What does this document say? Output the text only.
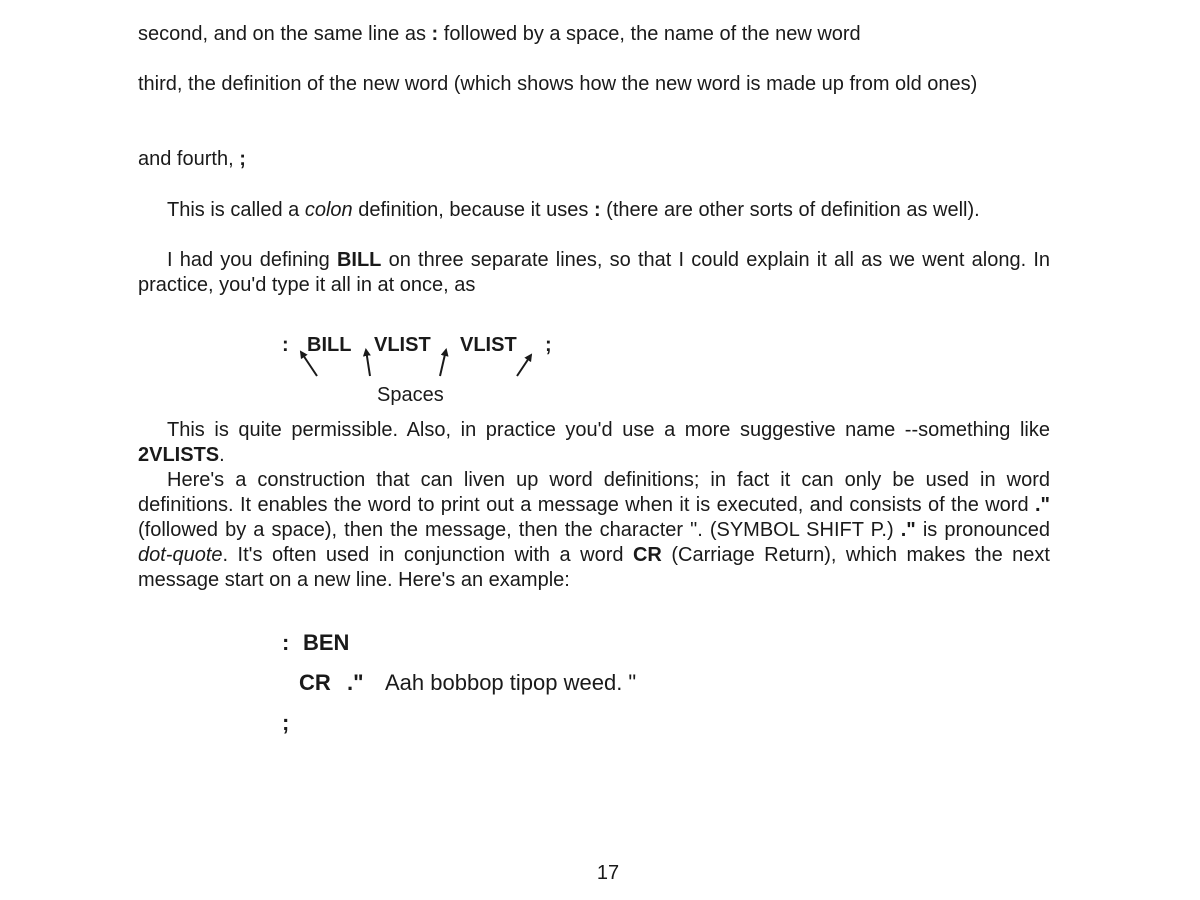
second, and on the same line as : followed by a space, the name of the new word

third, the definition of the new word (which shows how the new word is made up from old ones)

and fourth, ;

This is called a colon definition, because it uses : (there are other sorts of definition as well).

I had you defining BILL on three separate lines, so that I could explain it all as we went along. In practice, you'd type it all in at once, as

: BILL VLIST VLIST ;
Spaces

This is quite permissible. Also, in practice you'd use a more suggestive name --something like 2VLISTS.

Here's a construction that can liven up word definitions; in fact it can only be used in word definitions. It enables the word to print out a message when it is executed, and consists of the word ." (followed by a space), then the message, then the character ". (SYMBOL SHIFT P.) ." is pronounced dot-quote. It's often used in conjunction with a word CR (Carriage Return), which makes the next message start on a new line. Here's an example:

: BEN
CR ." Aah bobbop tipop weed. "
;
17
